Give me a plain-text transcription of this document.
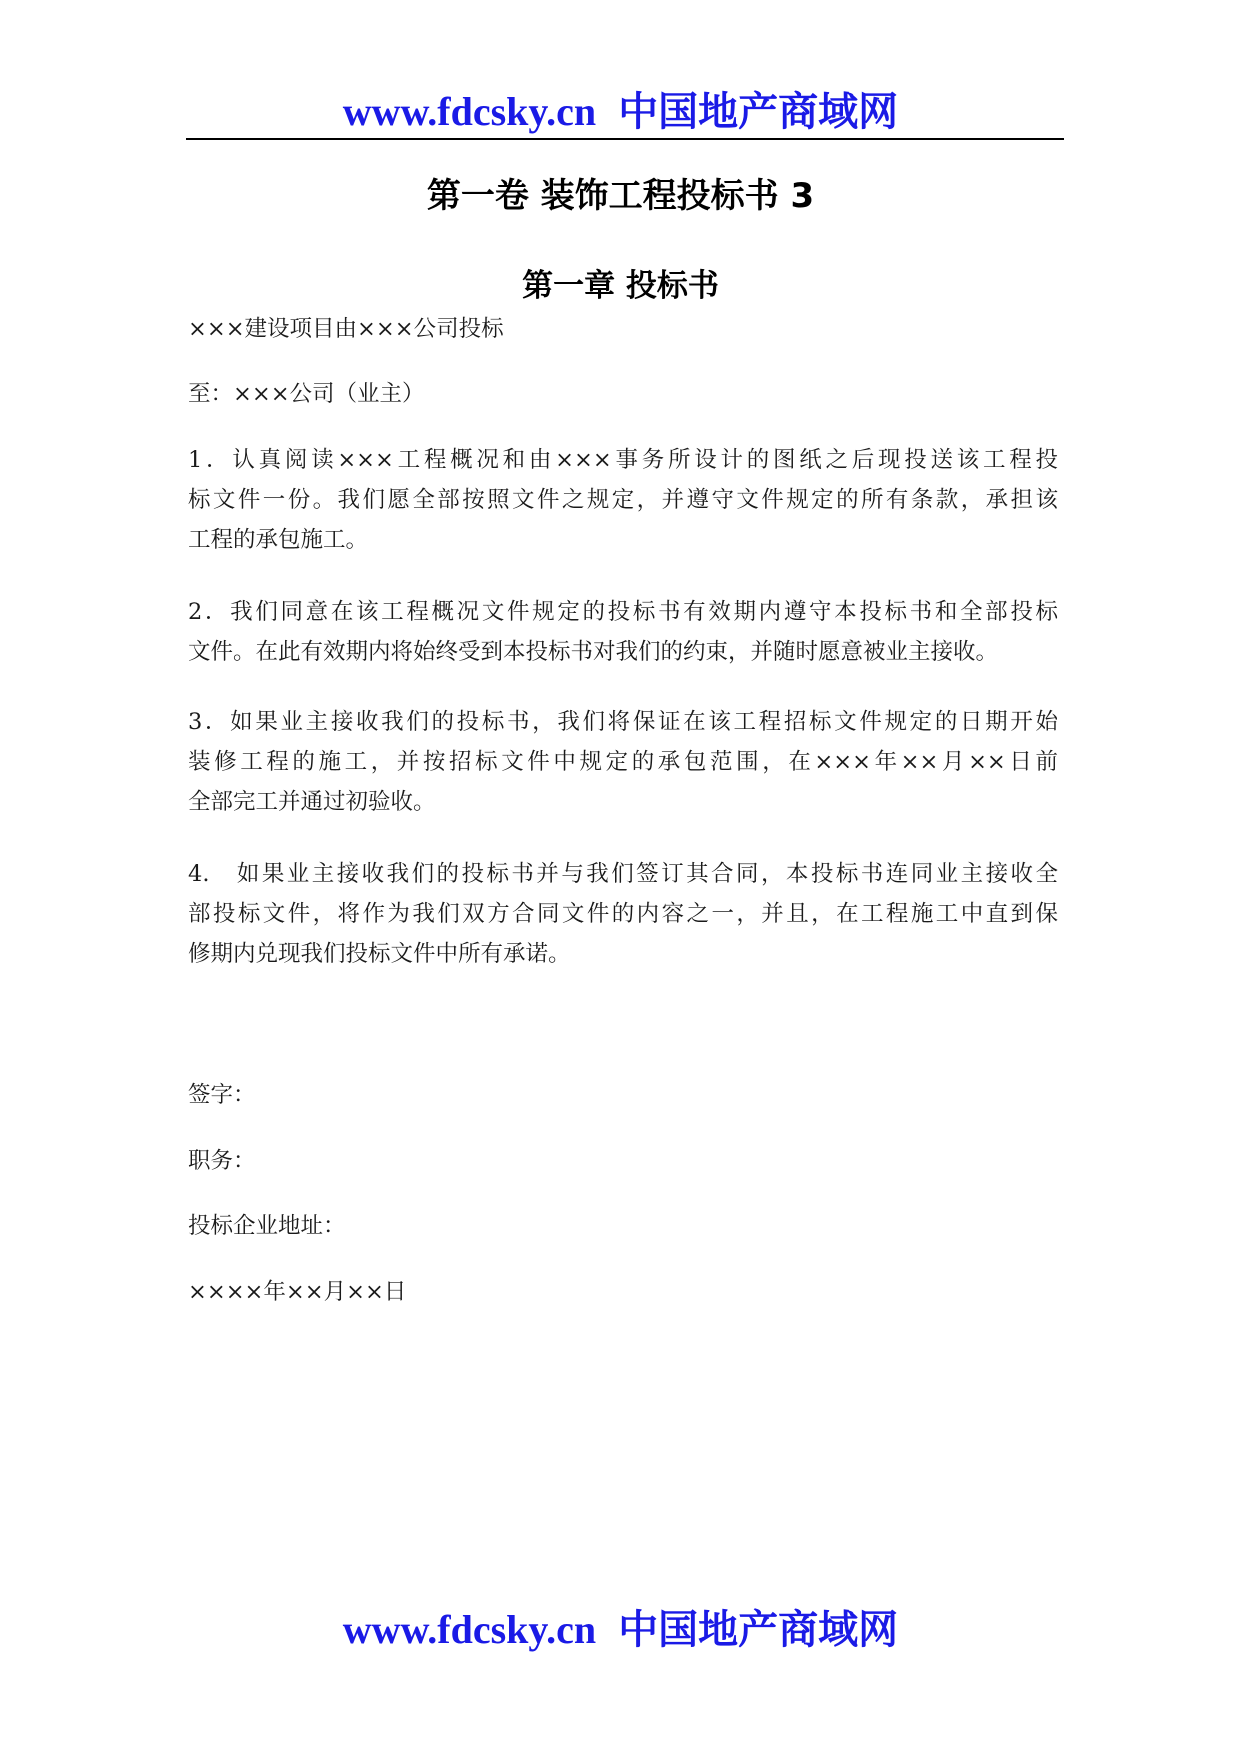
www.fdcsky.cn 中国地产商域网
第一卷 装饰工程投标书 3
第一章 投标书
×××建设项目由×××公司投标
至：×××公司（业主）
1．认真阅读×××工程概况和由×××事务所设计的图纸之后现投送该工程投
标文件一份。我们愿全部按照文件之规定，并遵守文件规定的所有条款，承担该
工程的承包施工。
2．我们同意在该工程概况文件规定的投标书有效期内遵守本投标书和全部投标
文件。在此有效期内将始终受到本投标书对我们的约束，并随时愿意被业主接收。
3．如果业主接收我们的投标书，我们将保证在该工程招标文件规定的日期开始
装修工程的施工，并按招标文件中规定的承包范围，在×××年××月××日前
全部完工并通过初验收。
4.　如果业主接收我们的投标书并与我们签订其合同，本投标书连同业主接收全
部投标文件，将作为我们双方合同文件的内容之一，并且，在工程施工中直到保
修期内兑现我们投标文件中所有承诺。
签字：
职务：
投标企业地址：
××××年××月××日
www.fdcsky.cn 中国地产商域网
